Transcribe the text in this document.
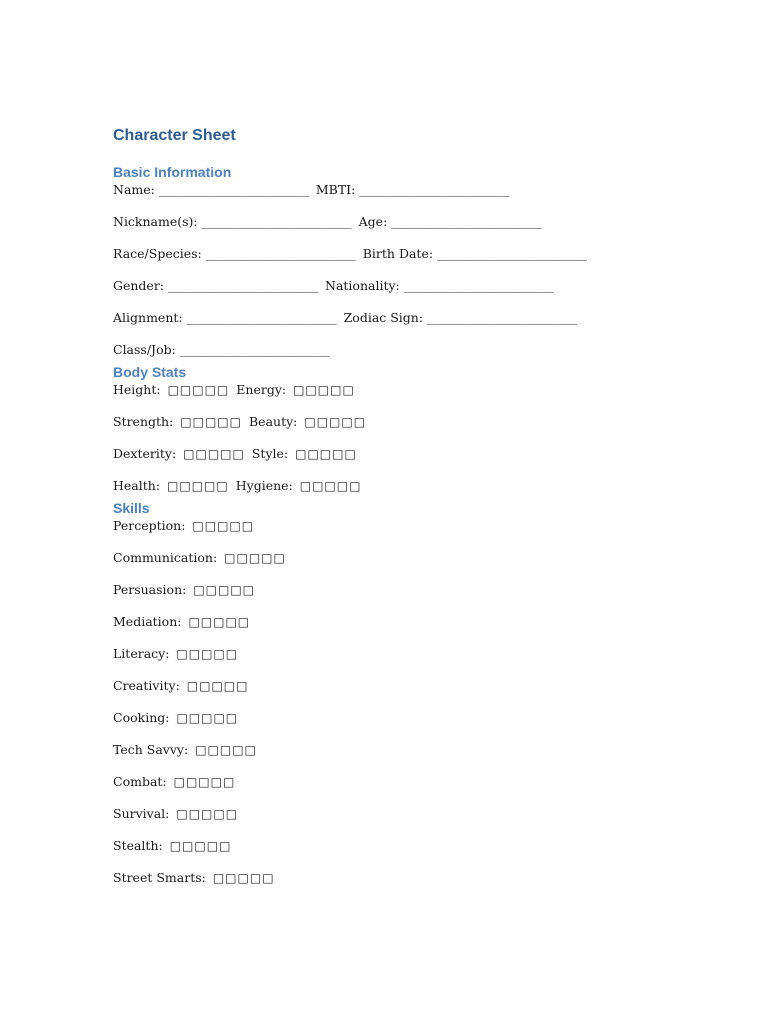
Character Sheet
Basic Information
Name: ________________________ MBTI: ________________________
Nickname(s): ________________________ Age: ________________________
Race/Species: ________________________ Birth Date: ________________________
Gender: ________________________ Nationality: ________________________
Alignment: ________________________ Zodiac Sign: ________________________
Class/Job: ________________________
Body Stats
Height: □□□□□ Energy: □□□□□
Strength: □□□□□ Beauty: □□□□□
Dexterity: □□□□□ Style: □□□□□
Health: □□□□□ Hygiene: □□□□□
Skills
Perception: □□□□□
Communication: □□□□□
Persuasion: □□□□□
Mediation: □□□□□
Literacy: □□□□□
Creativity: □□□□□
Cooking: □□□□□
Tech Savvy: □□□□□
Combat: □□□□□
Survival: □□□□□
Stealth: □□□□□
Street Smarts: □□□□□
